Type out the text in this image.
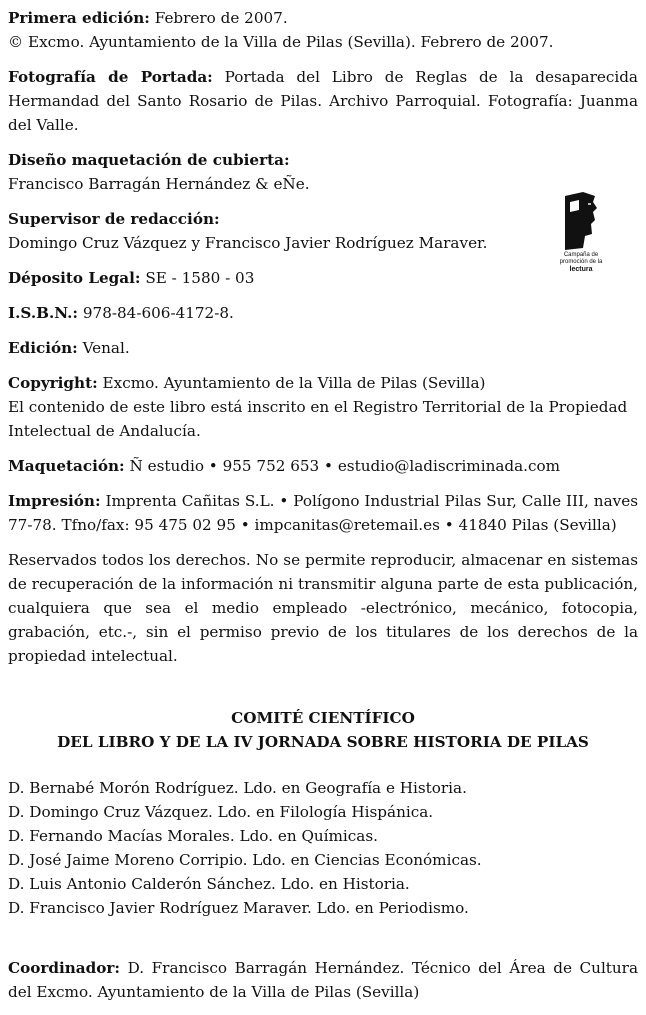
Primera edición: Febrero de 2007.
© Excmo. Ayuntamiento de la Villa de Pilas (Sevilla). Febrero de 2007.

Fotografía de Portada: Portada del Libro de Reglas de la desaparecida Hermandad del Santo Rosario de Pilas. Archivo Parroquial. Fotografía: Juanma del Valle.

Diseño maquetación de cubierta:
Francisco Barragán Hernández & eÑe.

Supervisor de redacción:
Domingo Cruz Vázquez y Francisco Javier Rodríguez Maraver.

Déposito Legal: SE - 1580 - 03

I.S.B.N.: 978-84-606-4172-8.

Edición: Venal.

Copyright: Excmo. Ayuntamiento de la Villa de Pilas (Sevilla)
El contenido de este libro está inscrito en el Registro Territorial de la Propiedad Intelectual de Andalucía.

Maquetación: Ñ estudio • 955 752 653 • estudio@ladiscriminada.com

Impresión: Imprenta Cañitas S.L. • Polígono Industrial Pilas Sur, Calle III, naves 77-78. Tfno/fax: 95 475 02 95 • impcanitas@retemail.es • 41840 Pilas (Sevilla)

Reservados todos los derechos. No se permite reproducir, almacenar en sistemas de recuperación de la información ni transmitir alguna parte de esta publicación, cualquiera que sea el medio empleado -electrónico, mecánico, fotocopia, grabación, etc.-, sin el permiso previo de los titulares de los derechos de la propiedad intelectual.

COMITÉ CIENTÍFICO
DEL LIBRO Y DE LA IV JORNADA SOBRE HISTORIA DE PILAS
D. Bernabé Morón Rodríguez. Ldo. en Geografía e Historia.
D. Domingo Cruz Vázquez. Ldo. en Filología Hispánica.
D. Fernando Macías Morales. Ldo. en Químicas.
D. José Jaime Moreno Corripio. Ldo. en Ciencias Económicas.
D. Luis Antonio Calderón Sánchez. Ldo. en Historia.
D. Francisco Javier Rodríguez Maraver. Ldo. en Periodismo.

Coordinador: D. Francisco Barragán Hernández. Técnico del Área de Cultura del Excmo. Ayuntamiento de la Villa de Pilas (Sevilla)

Campaña de
promoción de la
lectura
